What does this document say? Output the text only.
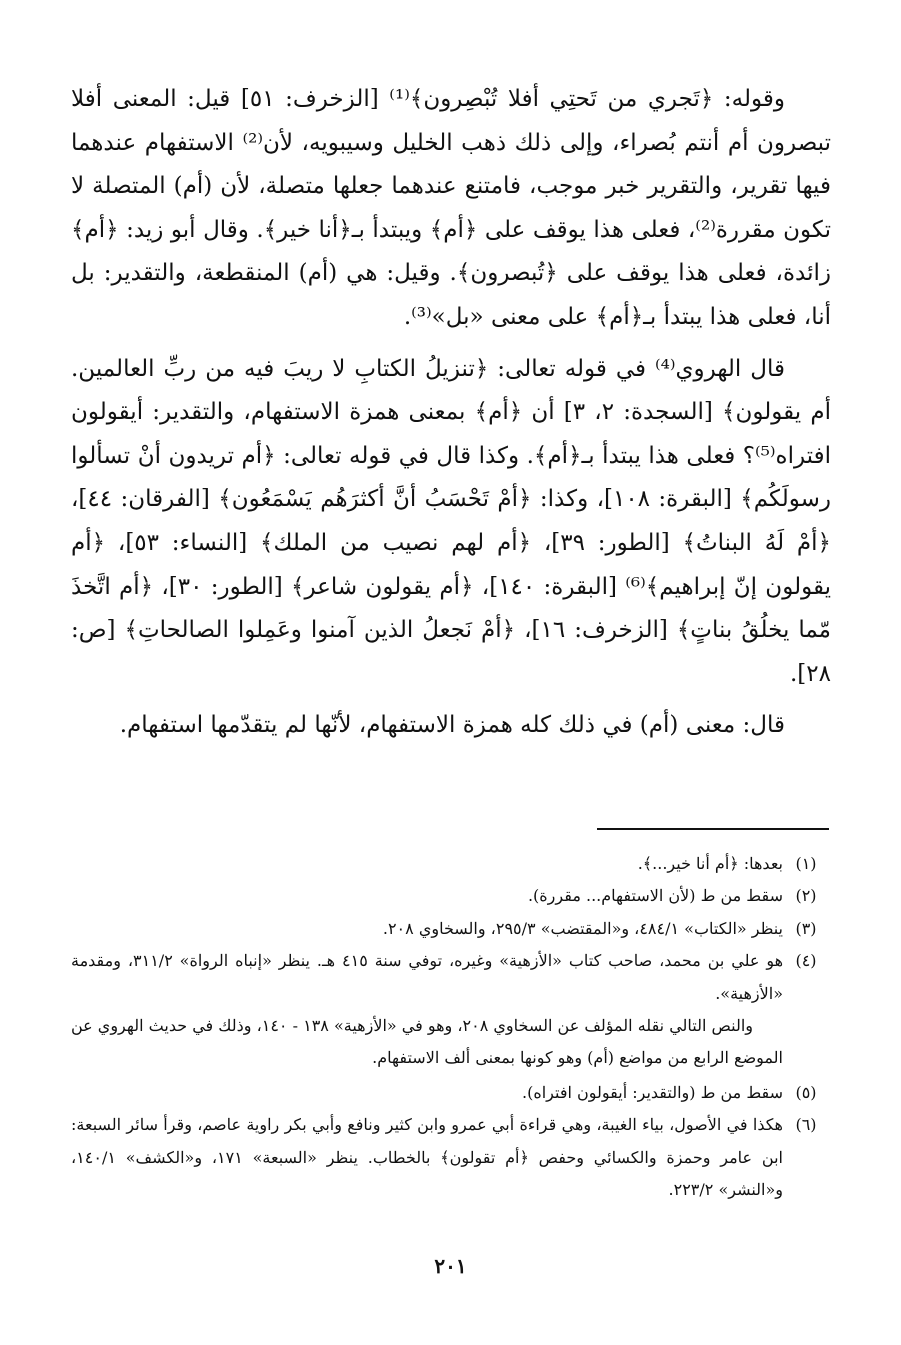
وقوله: ﴿تَجري من تَحتِي أفلا تُبْصِرون﴾⁽¹⁾ [الزخرف: ٥١] قيل: المعنى أفلا تبصرون أم أنتم بُصراء، وإلى ذلك ذهب الخليل وسيبويه، لأن⁽²⁾ الاستفهام عندهما فيها تقرير، والتقرير خبر موجب، فامتنع عندهما جعلها متصلة، لأن (أم) المتصلة لا تكون مقررة⁽²⁾، فعلى هذا يوقف على ﴿أم﴾ ويبتدأ بـ﴿أنا خير﴾. وقال أبو زيد: ﴿أم﴾ زائدة، فعلى هذا يوقف على ﴿تُبصرون﴾. وقيل: هي (أم) المنقطعة، والتقدير: بل أنا، فعلى هذا يبتدأ بـ﴿أم﴾ على معنى «بل»⁽³⁾.

قال الهروي⁽⁴⁾ في قوله تعالى: ﴿تنزيلُ الكتابِ لا ريبَ فيه من ربِّ العالمين. أم يقولون﴾ [السجدة: ٢، ٣] أن ﴿أم﴾ بمعنى همزة الاستفهام، والتقدير: أيقولون افتراه⁽⁵⁾؟ فعلى هذا يبتدأ بـ﴿أم﴾. وكذا قال في قوله تعالى: ﴿أم تريدون أنْ تسألوا رسولَكُم﴾ [البقرة: ١٠٨]، وكذا: ﴿أمْ تَحْسَبُ أنَّ أكثرَهُم يَسْمَعُون﴾ [الفرقان: ٤٤]، ﴿أمْ لَهُ البناتُ﴾ [الطور: ٣٩]، ﴿أم لهم نصيب من الملك﴾ [النساء: ٥٣]، ﴿أم يقولون إنّ إبراهيم﴾⁽⁶⁾ [البقرة: ١٤٠]، ﴿أم يقولون شاعر﴾ [الطور: ٣٠]، ﴿أم اتَّخذَ مّما يخلُقُ بناتٍ﴾ [الزخرف: ١٦]، ﴿أمْ نَجعلُ الذين آمنوا وعَمِلوا الصالحاتِ﴾ [ص: ٢٨].

قال: معنى (أم) في ذلك كله همزة الاستفهام، لأنّها لم يتقدّمها استفهام.

(١)
بعدها: ﴿أم أنا خير...﴾.
(٢)
سقط من ط (لأن الاستفهام... مقررة).
(٣)
ينظر «الكتاب» ٤٨٤/١، و«المقتضب» ٢٩٥/٣، والسخاوي ٢٠٨.
(٤)
هو علي بن محمد، صاحب كتاب «الأزهية» وغيره، توفي سنة ٤١٥ هـ. ينظر «إنباه الرواة» ٣١١/٢، ومقدمة «الأزهية».

والنص التالي نقله المؤلف عن السخاوي ٢٠٨، وهو في «الأزهية» ١٣٨ - ١٤٠، وذلك في حديث الهروي عن الموضع الرابع من مواضع (أم) وهو كونها بمعنى ألف الاستفهام.

(٥)
سقط من ط (والتقدير: أيقولون افتراه).
(٦)
هكذا في الأصول، بياء الغيبة، وهي قراءة أبي عمرو وابن كثير ونافع وأبي بكر راوية عاصم، وقرأ سائر السبعة: ابن عامر وحمزة والكسائي وحفص ﴿أم تقولون﴾ بالخطاب. ينظر «السبعة» ١٧١، و«الكشف» ١٤٠/١، و«النشر» ٢٢٣/٢.
٢٠١
